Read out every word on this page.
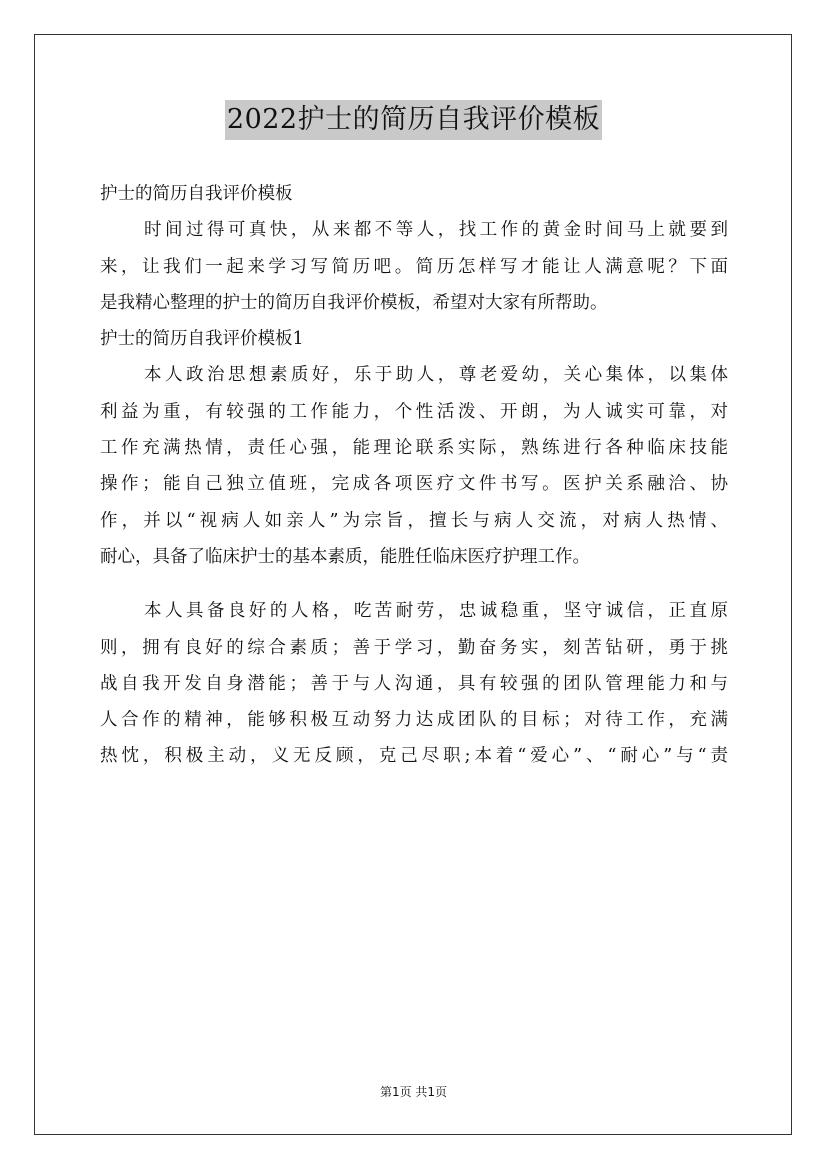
2022护士的简历自我评价模板
护士的简历自我评价模板
时间过得可真快，从来都不等人，找工作的黄金时间马上就要到
来，让我们一起来学习写简历吧。简历怎样写才能让人满意呢？下面
是我精心整理的护士的简历自我评价模板，希望对大家有所帮助。
护士的简历自我评价模板1
本人政治思想素质好，乐于助人，尊老爱幼，关心集体，以集体
利益为重，有较强的工作能力，个性活泼、开朗，为人诚实可靠，对
工作充满热情，责任心强，能理论联系实际，熟练进行各种临床技能
操作；能自己独立值班，完成各项医疗文件书写。医护关系融洽、协
作，并以“视病人如亲人”为宗旨，擅长与病人交流，对病人热情、
耐心，具备了临床护士的基本素质，能胜任临床医疗护理工作。
本人具备良好的人格，吃苦耐劳，忠诚稳重，坚守诚信，正直原
则，拥有良好的综合素质；善于学习，勤奋务实，刻苦钻研，勇于挑
战自我开发自身潜能；善于与人沟通，具有较强的团队管理能力和与
人合作的精神，能够积极互动努力达成团队的目标；对待工作，充满
热忱，积极主动，义无反顾，克己尽职;本着“爱心”、“耐心”与“责
第1页 共1页
